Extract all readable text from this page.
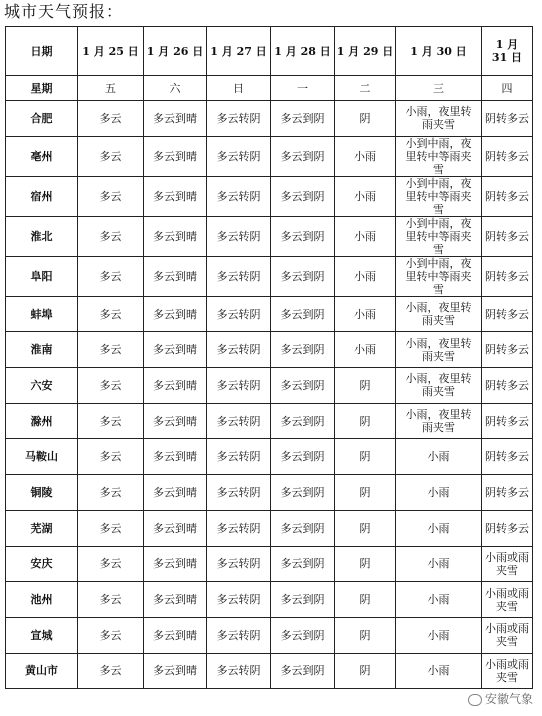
城市天气预报：
日期	1 月 25 日	1 月 26 日	1 月 27 日	1 月 28 日	1 月 29 日	1 月 30 日	1 月 31 日
星期	五	六	日	一	二	三	四
合肥	多云	多云到晴	多云转阴	多云到阴	阴	小雨，夜里转雨夹雪	阴转多云
亳州	多云	多云到晴	多云转阴	多云到阴	小雨	小到中雨，夜里转中等雨夹雪	阴转多云
宿州	多云	多云到晴	多云转阴	多云到阴	小雨	小到中雨，夜里转中等雨夹雪	阴转多云
淮北	多云	多云到晴	多云转阴	多云到阴	小雨	小到中雨，夜里转中等雨夹雪	阴转多云
阜阳	多云	多云到晴	多云转阴	多云到阴	小雨	小到中雨，夜里转中等雨夹雪	阴转多云
蚌埠	多云	多云到晴	多云转阴	多云到阴	小雨	小雨，夜里转雨夹雪	阴转多云
淮南	多云	多云到晴	多云转阴	多云到阴	小雨	小雨，夜里转雨夹雪	阴转多云
六安	多云	多云到晴	多云转阴	多云到阴	阴	小雨，夜里转雨夹雪	阴转多云
滁州	多云	多云到晴	多云转阴	多云到阴	阴	小雨，夜里转雨夹雪	阴转多云
马鞍山	多云	多云到晴	多云转阴	多云到阴	阴	小雨	阴转多云
铜陵	多云	多云到晴	多云转阴	多云到阴	阴	小雨	阴转多云
芜湖	多云	多云到晴	多云转阴	多云到阴	阴	小雨	阴转多云
安庆	多云	多云到晴	多云转阴	多云到阴	阴	小雨	小雨或雨夹雪
池州	多云	多云到晴	多云转阴	多云到阴	阴	小雨	小雨或雨夹雪
宣城	多云	多云到晴	多云转阴	多云到阴	阴	小雨	小雨或雨夹雪
黄山市	多云	多云到晴	多云转阴	多云到阴	阴	小雨	小雨或雨夹雪
安徽气象
